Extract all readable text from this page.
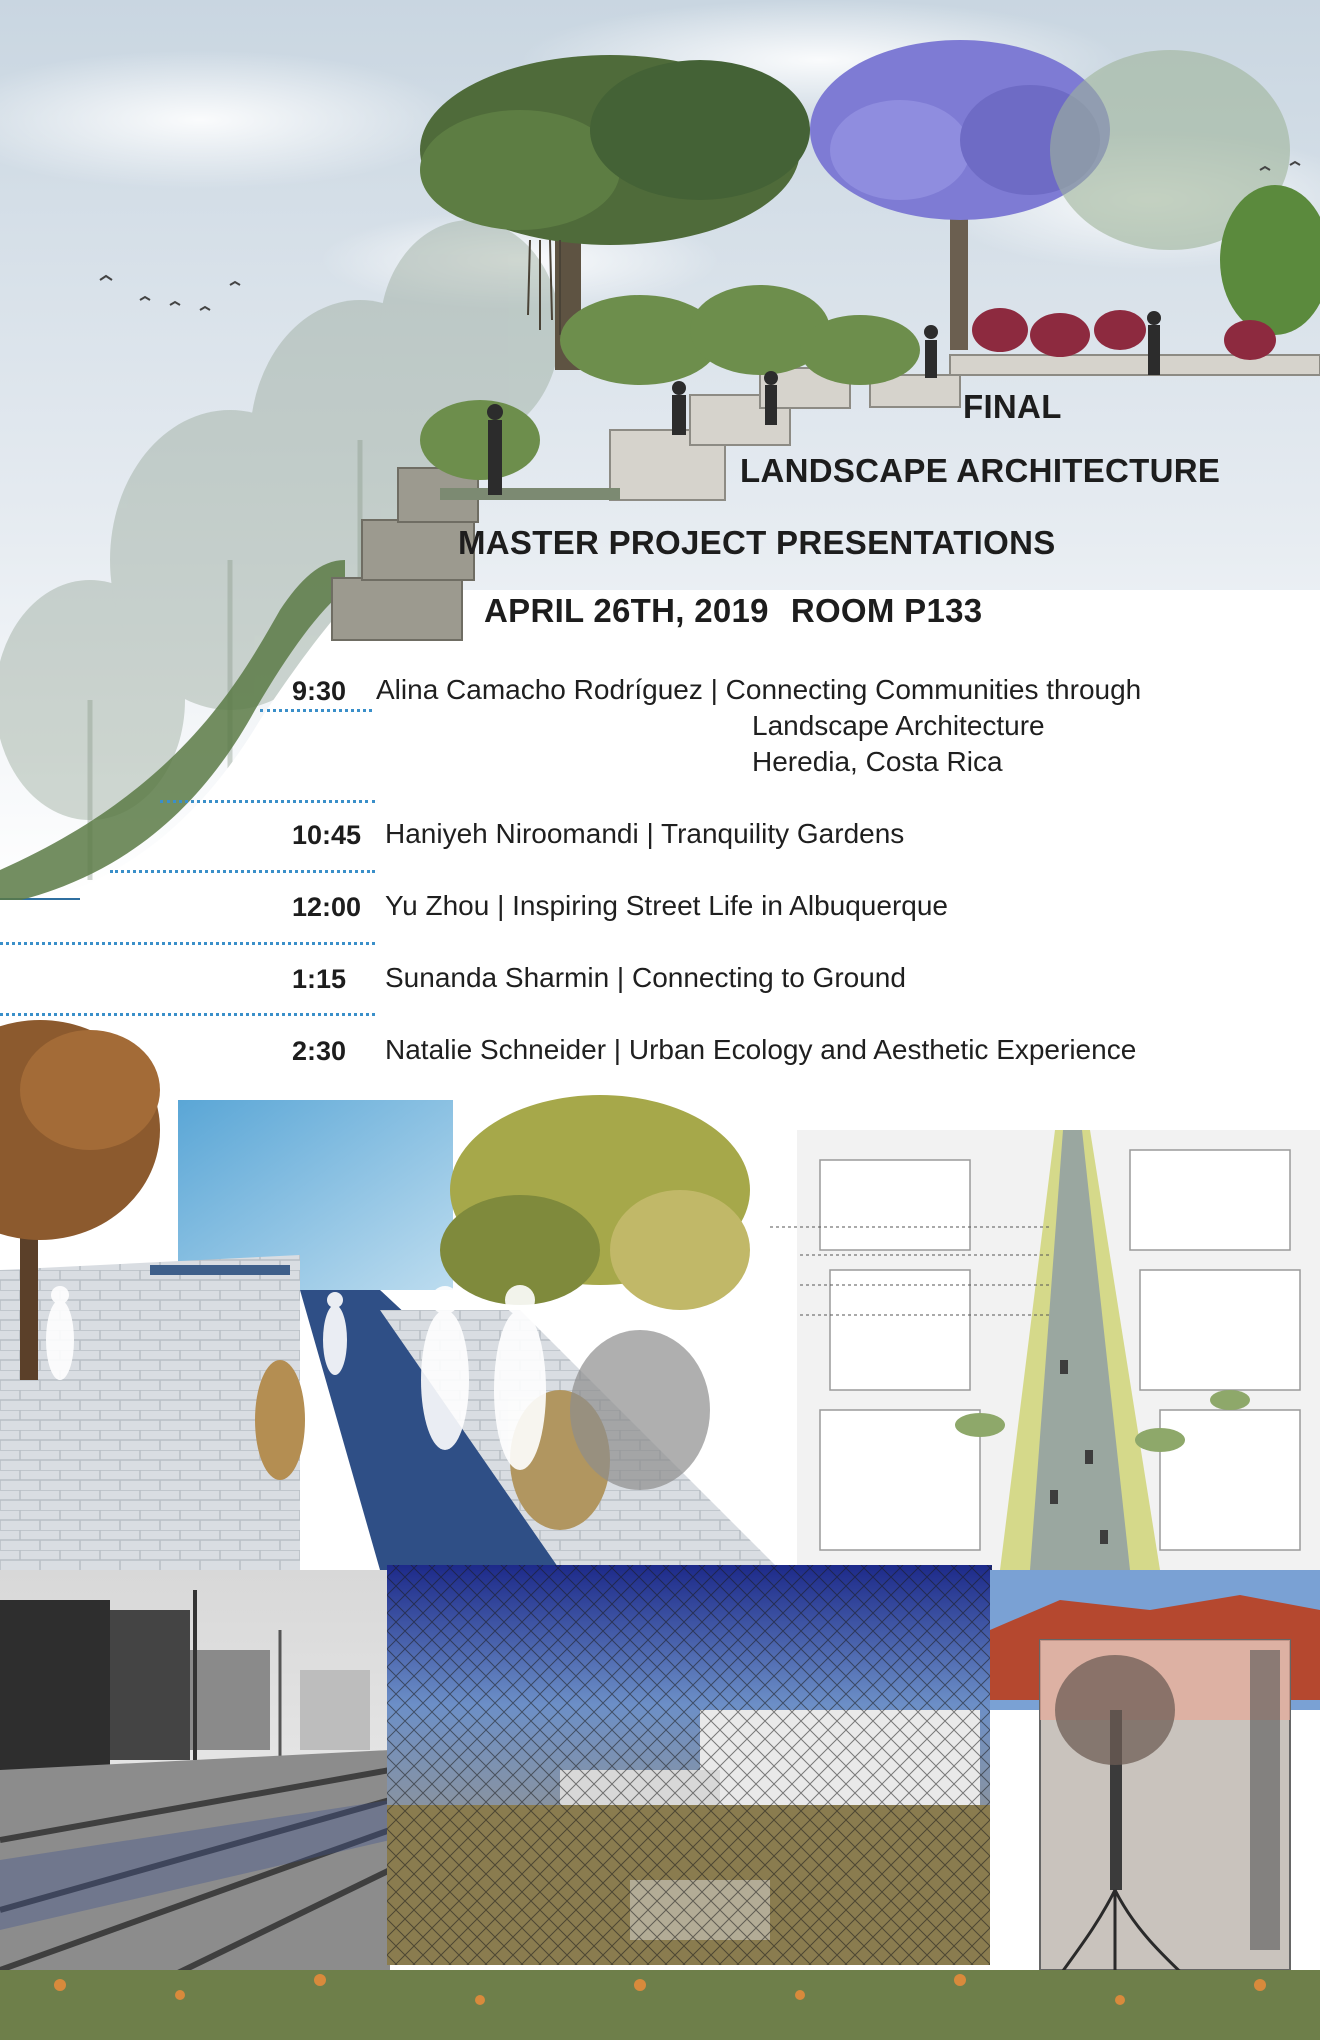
FINAL
LANDSCAPE ARCHITECTURE
MASTER PROJECT PRESENTATIONS
APRIL 26TH, 2019 ROOM P133
9:30 Alina Camacho Rodríguez | Connecting Communities through
Landscape Architecture
Heredia, Costa Rica
10:45 Haniyeh Niroomandi | Tranquility Gardens
12:00 Yu Zhou | Inspiring Street Life in Albuquerque
1:15 Sunanda Sharmin | Connecting to Ground
2:30 Natalie Schneider | Urban Ecology and Aesthetic Experience
